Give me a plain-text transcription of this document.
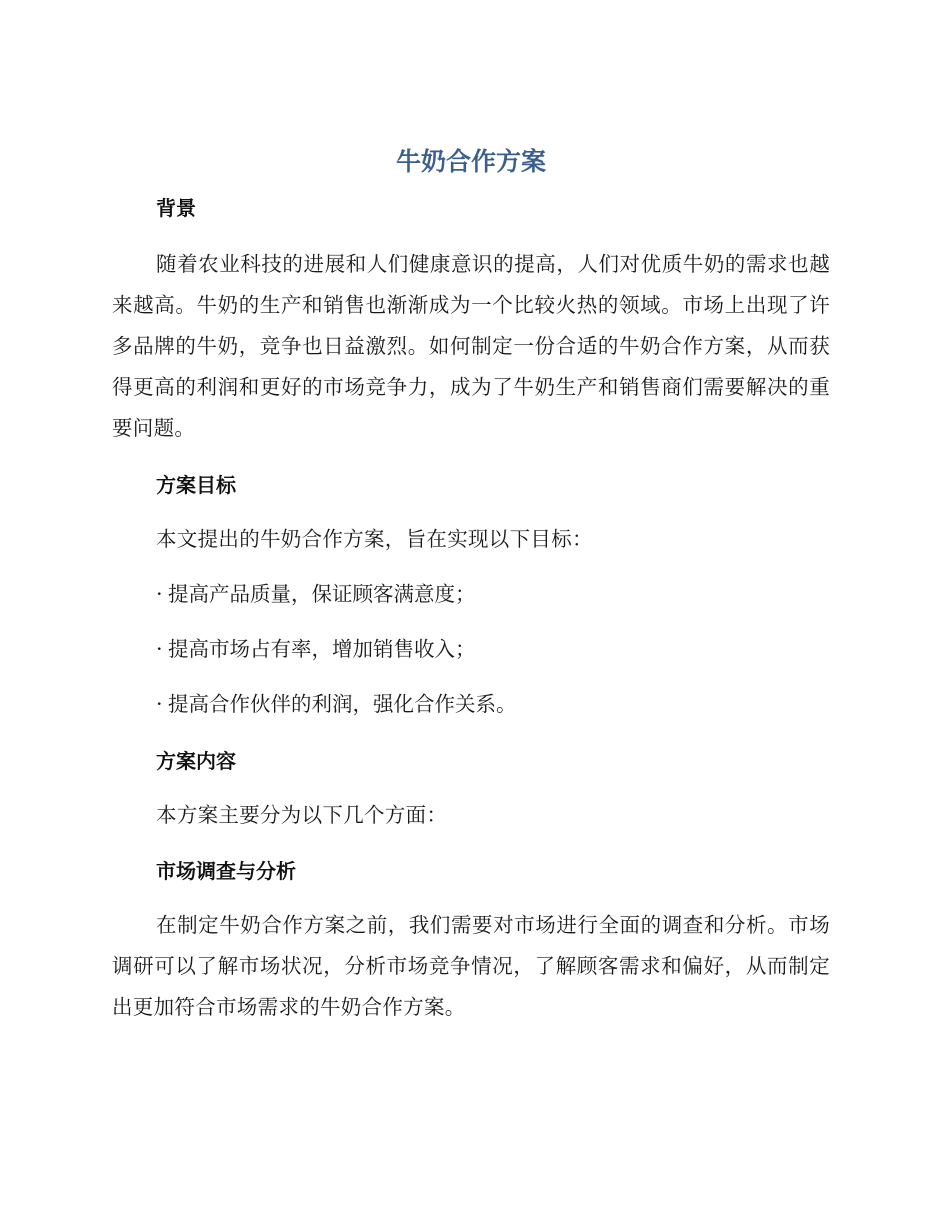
牛奶合作方案
背景

随着农业科技的进展和人们健康意识的提高，人们对优质牛奶的需求也越来越高。牛奶的生产和销售也渐渐成为一个比较火热的领域。市场上出现了许多品牌的牛奶，竞争也日益激烈。如何制定一份合适的牛奶合作方案，从而获得更高的利润和更好的市场竞争力，成为了牛奶生产和销售商们需要解决的重要问题。

方案目标

本文提出的牛奶合作方案，旨在实现以下目标：

· 提高产品质量，保证顾客满意度；

· 提高市场占有率，增加销售收入；

· 提高合作伙伴的利润，强化合作关系。

方案内容

本方案主要分为以下几个方面：

市场调查与分析

在制定牛奶合作方案之前，我们需要对市场进行全面的调查和分析。市场调研可以了解市场状况，分析市场竞争情况，了解顾客需求和偏好，从而制定出更加符合市场需求的牛奶合作方案。
